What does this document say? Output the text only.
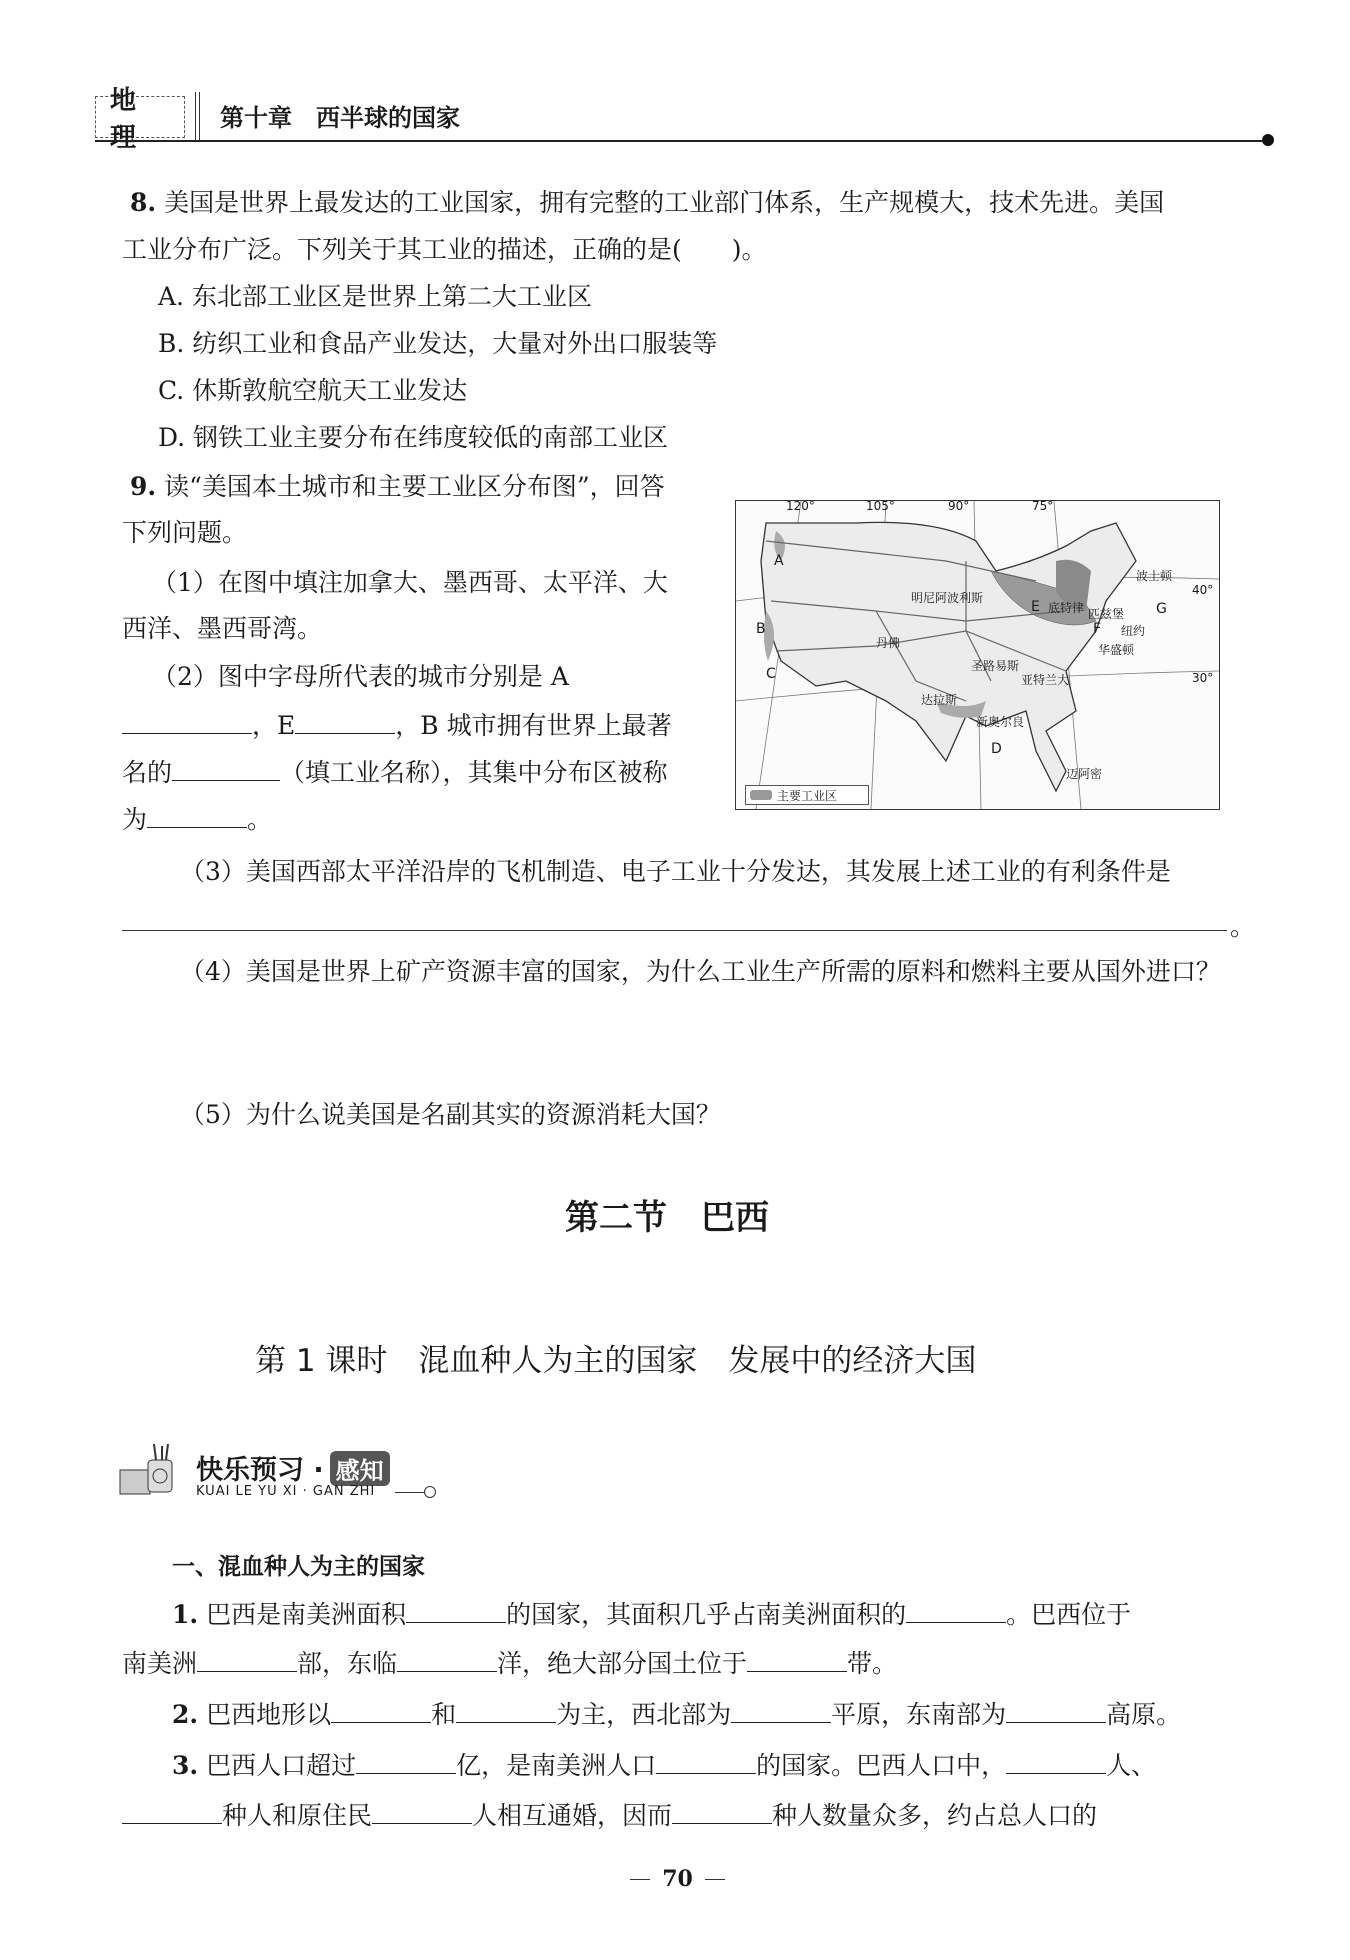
地理
第十章　西半球的国家
8. 美国是世界上最发达的工业国家，拥有完整的工业部门体系，生产规模大，技术先进。美国
工业分布广泛。下列关于其工业的描述，正确的是(　　)。
A. 东北部工业区是世界上第二大工业区
B. 纺织工业和食品产业发达，大量对外出口服装等
C. 休斯敦航空航天工业发达
D. 钢铁工业主要分布在纬度较低的南部工业区
9. 读“美国本土城市和主要工业区分布图”，回答
下列问题。
（1）在图中填注加拿大、墨西哥、太平洋、大
西洋、墨西哥湾。
（2）图中字母所代表的城市分别是 A
，E	，B 城市拥有世界上最著
名的	（填工业名称），其集中分布区被称
为	。
120°	105°	90°	75°
40°
30°
波士顿
底特律 匹兹堡
纽约
华盛顿
明尼阿波利斯
丹佛
圣路易斯
亚特兰大
达拉斯
新奥尔良
迈阿密
A
B
C
D
E
F
G
主要工业区
（3）美国西部太平洋沿岸的飞机制造、电子工业十分发达，其发展上述工业的有利条件是
。
（4）美国是世界上矿产资源丰富的国家，为什么工业生产所需的原料和燃料主要从国外进口？
（5）为什么说美国是名副其实的资源消耗大国？
第二节　巴西
第 1 课时　混血种人为主的国家　发展中的经济大国
快乐预习 · 感知
KUAI LE YU XI · GAN ZHI
一、混血种人为主的国家
1. 巴西是南美洲面积	的国家，其面积几乎占南美洲面积的	。巴西位于
南美洲	部，东临	洋，绝大部分国土位于	带。
2. 巴西地形以	和	为主，西北部为	平原，东南部为	高原。
3. 巴西人口超过	亿，是南美洲人口	的国家。巴西人口中，	人、
种人和原住民	人相互通婚，因而	种人数量众多，约占总人口的
70
